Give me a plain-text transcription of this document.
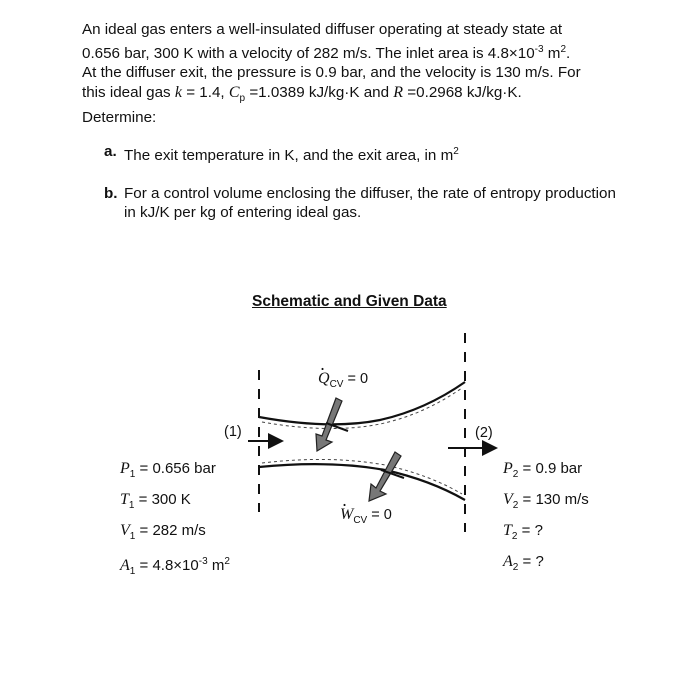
An ideal gas enters a well-insulated diffuser operating at steady state at

0.656 bar, 300 K with a velocity of 282 m/s. The inlet area is $4.8\times 10^{-3}$ $m^2$.

At the diffuser exit, the pressure is 0.9 bar, and the velocity is 130 m/s. For

this ideal gas k = 1.4, $C_p =1.0389$ kJ/kg·K and R =0.2968 kJ/kg·K.

Determine:

a. The exit temperature in K, and the exit area, in $m^2$
b. For a control volume enclosing the diffuser, the rate of entropy production in kJ/K per kg of entering ideal gas.
Schematic and Given Data
· $Q_{CV} = 0$
· $W_{CV} = 0$
(1)	(2)
$P_1 = 0.656$ bar
$T_1 = 300$ K
$V_1 = 282$ m/s
$A_1 = 4.8\times 10^{-3}$ $m^2$
$P_2 = 0.9$ bar
$V_2 = 130$ m/s
$T_2$ = ?
$A_2$ = ?
